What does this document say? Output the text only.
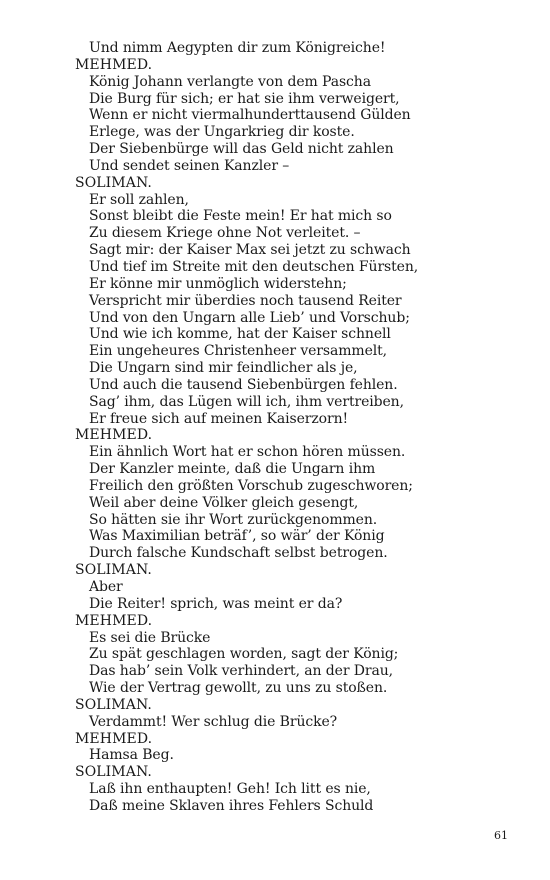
Und nimm Aegypten dir zum Königreiche!
MEHMED.
König Johann verlangte von dem Pascha
Die Burg für sich; er hat sie ihm verweigert,
Wenn er nicht viermalhunderttausend Gülden
Erlege, was der Ungarkrieg dir koste.
Der Siebenbürge will das Geld nicht zahlen
Und sendet seinen Kanzler –
SOLIMAN.
Er soll zahlen,
Sonst bleibt die Feste mein! Er hat mich so
Zu diesem Kriege ohne Not verleitet. –
Sagt mir: der Kaiser Max sei jetzt zu schwach
Und tief im Streite mit den deutschen Fürsten,
Er könne mir unmöglich widerstehn;
Verspricht mir überdies noch tausend Reiter
Und von den Ungarn alle Lieb’ und Vorschub;
Und wie ich komme, hat der Kaiser schnell
Ein ungeheures Christenheer versammelt,
Die Ungarn sind mir feindlicher als je,
Und auch die tausend Siebenbürgen fehlen.
Sag’ ihm, das Lügen will ich, ihm vertreiben,
Er freue sich auf meinen Kaiserzorn!
MEHMED.
Ein ähnlich Wort hat er schon hören müssen.
Der Kanzler meinte, daß die Ungarn ihm
Freilich den größten Vorschub zugeschworen;
Weil aber deine Völker gleich gesengt,
So hätten sie ihr Wort zurückgenommen.
Was Maximilian beträf’, so wär’ der König
Durch falsche Kundschaft selbst betrogen.
SOLIMAN.
Aber
Die Reiter! sprich, was meint er da?
MEHMED.
Es sei die Brücke
Zu spät geschlagen worden, sagt der König;
Das hab’ sein Volk verhindert, an der Drau,
Wie der Vertrag gewollt, zu uns zu stoßen.
SOLIMAN.
Verdammt! Wer schlug die Brücke?
MEHMED.
Hamsa Beg.
SOLIMAN.
Laß ihn enthaupten! Geh! Ich litt es nie,
Daß meine Sklaven ihres Fehlers Schuld
61
